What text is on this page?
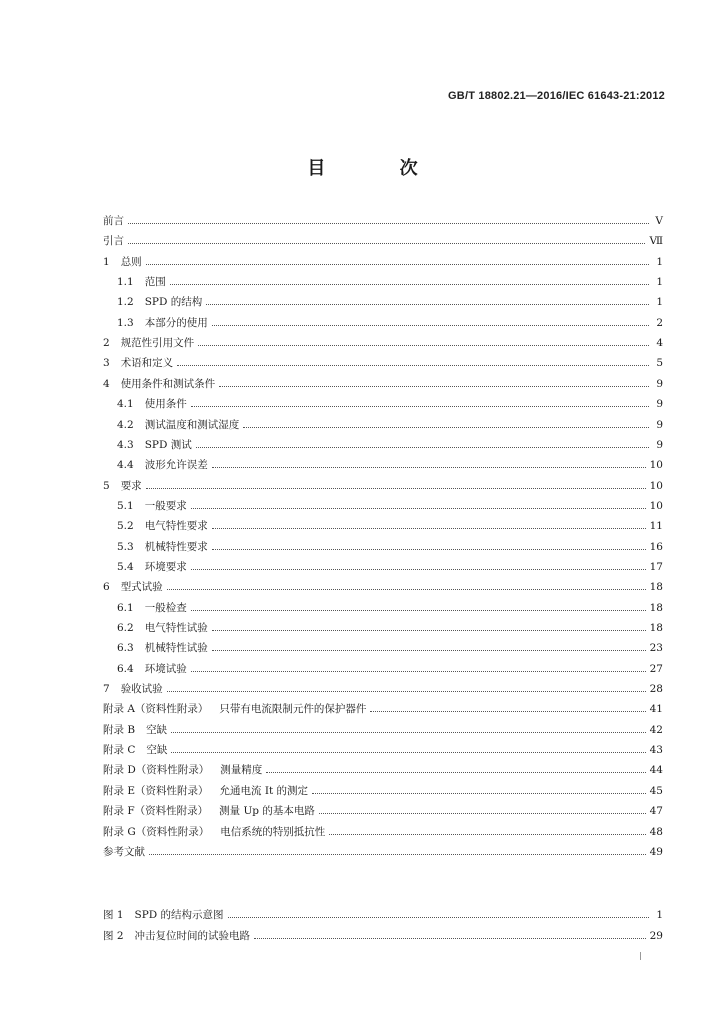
GB/T 18802.21—2016/IEC 61643-21:2012
目 次
前言	V
引言	Ⅶ
1 总则	1
1.1 范围	1
1.2 SPD 的结构	1
1.3 本部分的使用	2
2 规范性引用文件	4
3 术语和定义	5
4 使用条件和测试条件	9
4.1 使用条件	9
4.2 测试温度和测试湿度	9
4.3 SPD 测试	9
4.4 波形允许误差	10
5 要求	10
5.1 一般要求	10
5.2 电气特性要求	11
5.3 机械特性要求	16
5.4 环境要求	17
6 型式试验	18
6.1 一般检查	18
6.2 电气特性试验	18
6.3 机械特性试验	23
6.4 环境试验	27
7 验收试验	28
附录 A（资料性附录） 只带有电流限制元件的保护器件	41
附录 B 空缺	42
附录 C 空缺	43
附录 D（资料性附录） 测量精度	44
附录 E（资料性附录） 允通电流 It 的测定	45
附录 F（资料性附录） 测量 Up 的基本电路	47
附录 G（资料性附录） 电信系统的特别抵抗性	48
参考文献	49
图 1 SPD 的结构示意图	1
图 2 冲击复位时间的试验电路	29
